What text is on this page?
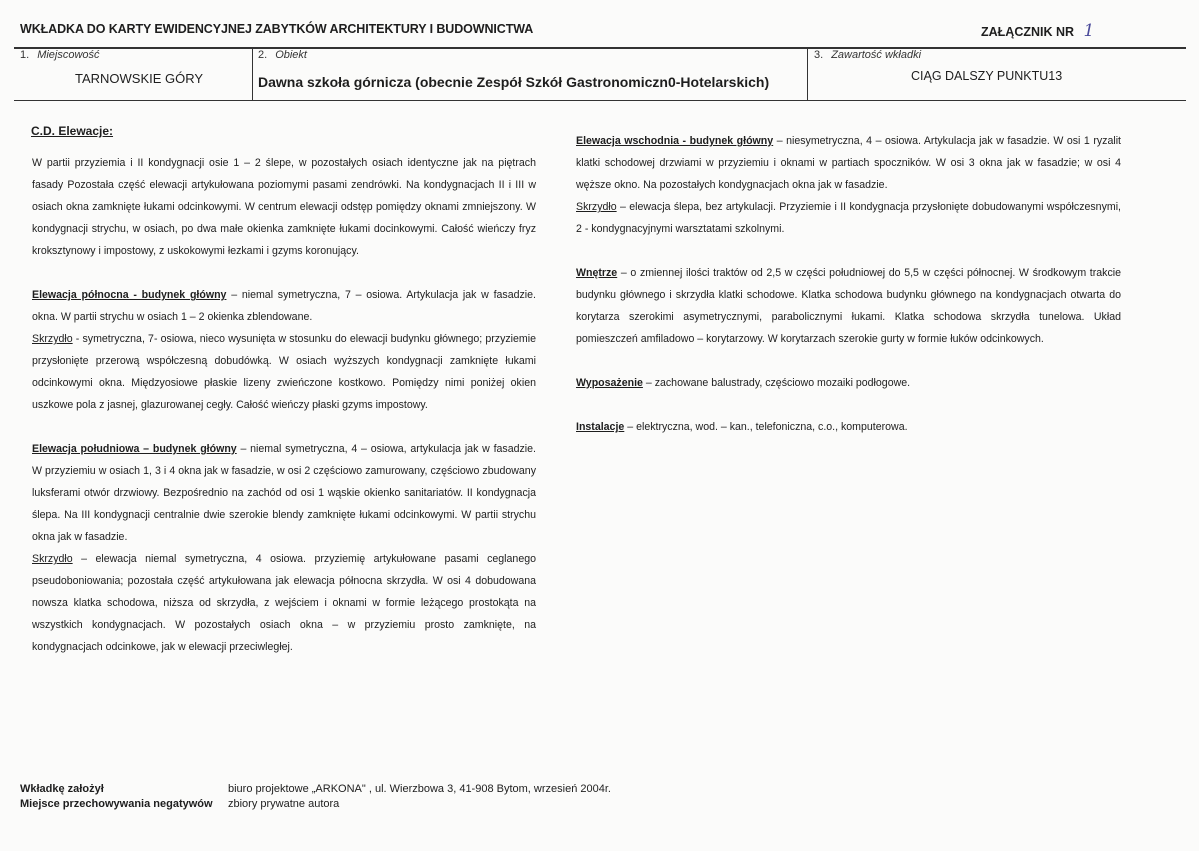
WKŁADKA DO KARTY EWIDENCYJNEJ ZABYTKÓW ARCHITEKTURY I BUDOWNICTWA	ZAŁĄCZNIK NR 1
1. Miejscowość
TARNOWSKIE GÓRY
2. Obiekt
Dawna szkoła górnicza (obecnie Zespół Szkół Gastronomiczn0-Hotelarskich)
3. Zawartość wkładki
CIĄG DALSZY PUNKTU13
C.D. Elewacje:

W partii przyziemia i II kondygnacji osie 1 – 2 ślepe, w pozostałych osiach identyczne jak na piętrach fasady Pozostała część elewacji artykułowana poziomymi pasami zendrówki. Na kondygnacjach II i III w osiach okna zamknięte łukami odcinkowymi. W centrum elewacji odstęp pomiędzy oknami zmniejszony. W kondygnacji strychu, w osiach, po dwa małe okienka zamknięte łukami docinkowymi. Całość wieńczy fryz kroksztynowy i impostowy, z uskokowymi łezkami i gzyms koronujący.

Elewacja północna - budynek główny – niemal symetryczna, 7 – osiowa. Artykulacja jak w fasadzie. okna. W partii strychu w osiach 1 – 2 okienka zblendowane.

Skrzydło - symetryczna, 7- osiowa, nieco wysunięta w stosunku do elewacji budynku głównego; przyziemie przysłonięte przerową współczesną dobudówką. W osiach wyższych kondygnacji zamknięte łukami odcinkowymi okna. Międzyosiowe płaskie lizeny zwieńczone kostkowo. Pomiędzy nimi poniżej okien uszkowe pola z jasnej, glazurowanej cegły. Całość wieńczy płaski gzyms impostowy.

Elewacja południowa – budynek główny – niemal symetryczna, 4 – osiowa, artykulacja jak w fasadzie. W przyziemiu w osiach 1, 3 i 4 okna jak w fasadzie, w osi 2 częściowo zamurowany, częściowo zbudowany luksferami otwór drzwiowy. Bezpośrednio na zachód od osi 1 wąskie okienko sanitariatów. II kondygnacja ślepa. Na III kondygnacji centralnie dwie szerokie blendy zamknięte łukami odcinkowymi. W partii strychu okna jak w fasadzie.

Skrzydło – elewacja niemal symetryczna, 4 osiowa. przyziemię artykułowane pasami ceglanego pseudoboniowania; pozostała część artykułowana jak elewacja północna skrzydła. W osi 4 dobudowana nowsza klatka schodowa, niższa od skrzydła, z wejściem i oknami w formie leżącego prostokąta na wszystkich kondygnacjach. W pozostałych osiach okna – w przyziemiu prosto zamknięte, na kondygnacjach odcinkowe, jak w elewacji przeciwległej.

Elewacja wschodnia - budynek główny – niesymetryczna, 4 – osiowa. Artykulacja jak w fasadzie. W osi 1 ryzalit klatki schodowej drzwiami w przyziemiu i oknami w partiach spoczników. W osi 3 okna jak w fasadzie; w osi 4 węższe okno. Na pozostałych kondygnacjach okna jak w fasadzie.

Skrzydło – elewacja ślepa, bez artykulacji. Przyziemie i II kondygnacja przysłonięte dobudowanymi współczesnymi, 2 - kondygnacyjnymi warsztatami szkolnymi.

Wnętrze – o zmiennej ilości traktów od 2,5 w części południowej do 5,5 w części północnej. W środkowym trakcie budynku głównego i skrzydła klatki schodowe. Klatka schodowa budynku głównego na kondygnacjach otwarta do korytarza szerokimi asymetrycznymi, parabolicznymi łukami. Klatka schodowa skrzydła tunelowa. Układ pomieszczeń amfiladowo – korytarzowy. W korytarzach szerokie gurty w formie łuków odcinkowych.

Wyposażenie – zachowane balustrady, częściowo mozaiki podłogowe.

Instalacje – elektryczna, wod. – kan., telefoniczna, c.o., komputerowa.

Wkładkę założył	biuro projektowe „ARKONA" , ul. Wierzbowa 3, 41-908 Bytom, wrzesień 2004r.
Miejsce przechowywania negatywów zbiory prywatne autora
